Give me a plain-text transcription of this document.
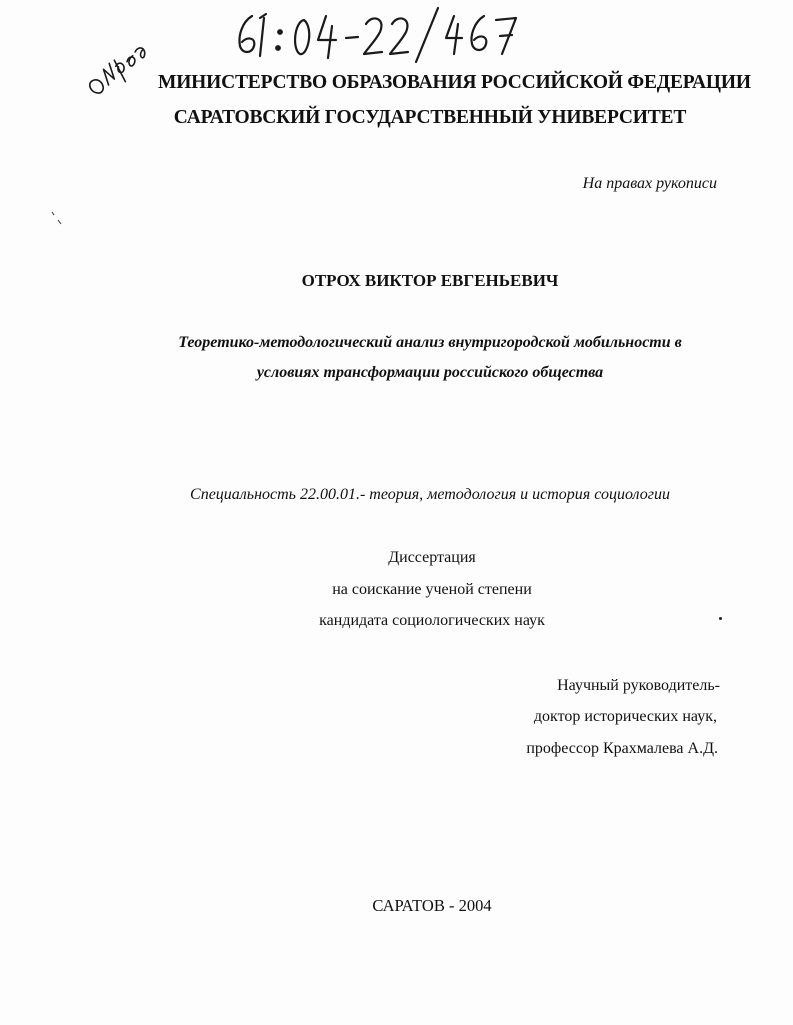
МИНИСТЕРСТВО ОБРАЗОВАНИЯ РОССИЙСКОЙ ФЕДЕРАЦИИ
САРАТОВСКИЙ ГОСУДАРСТВЕННЫЙ УНИВЕРСИТЕТ
На правах рукописи
ОТРОХ ВИКТОР ЕВГЕНЬЕВИЧ
Теоретико-методологический анализ внутригородской мобильности в
условиях трансформации российского общества
Специальность 22.00.01.- теория, методология и история социологии
Диссертация
на соискание ученой степени
кандидата социологических наук
Научный руководитель-
доктор исторических наук,
профессор Крахмалева А.Д.
САРАТОВ - 2004
